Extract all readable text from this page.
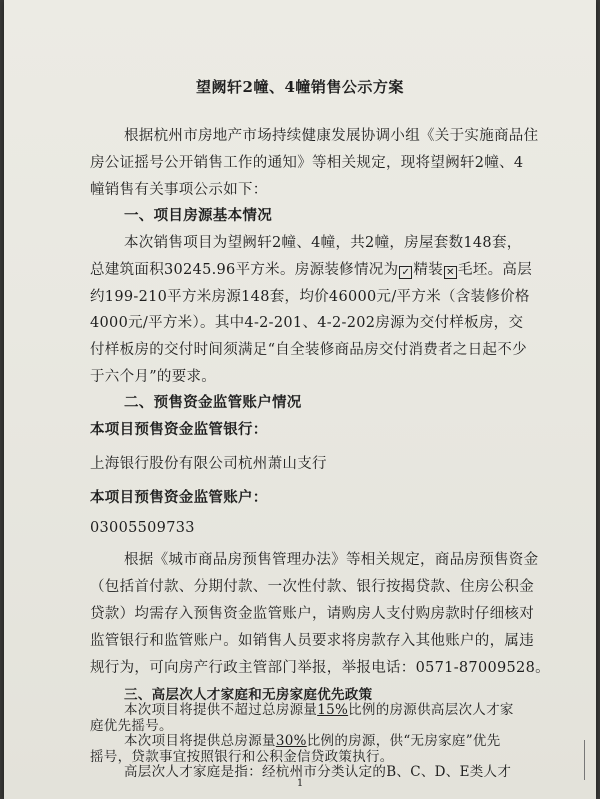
望阙轩2幢、4幢销售公示方案
根据杭州市房地产市场持续健康发展协调小组《关于实施商品住
房公证摇号公开销售工作的通知》等相关规定，现将望阙轩2幢、4
幢销售有关事项公示如下：
一、项目房源基本情况
本次销售项目为望阙轩2幢、4幢，共2幢，房屋套数148套，
总建筑面积30245.96平方米。房源装修情况为 ✓ 精装 ✕ 毛坯。高层
约199-210平方米房源148套，均价46000元/平方米（含装修价格
4000元/平方米）。其中4-2-201、4-2-202房源为交付样板房，交
付样板房的交付时间须满足“自全装修商品房交付消费者之日起不少
于六个月”的要求。
二、预售资金监管账户情况
本项目预售资金监管银行：
上海银行股份有限公司杭州萧山支行
本项目预售资金监管账户：
03005509733
根据《城市商品房预售管理办法》等相关规定，商品房预售资金
（包括首付款、分期付款、一次性付款、银行按揭贷款、住房公积金
贷款）均需存入预售资金监管账户，请购房人支付购房款时仔细核对
监管银行和监管账户。如销售人员要求将房款存入其他账户的，属违
规行为，可向房产行政主管部门举报，举报电话：0571-87009528。
三、高层次人才家庭和无房家庭优先政策
本次项目将提供不超过总房源量15%比例的房源供高层次人才家
庭优先摇号。
本次项目将提供总房源量30%比例的房源，供“无房家庭”优先
摇号，贷款事宜按照银行和公积金信贷政策执行。
高层次人才家庭是指：经杭州市分类认定的B、C、D、E类人才
1
